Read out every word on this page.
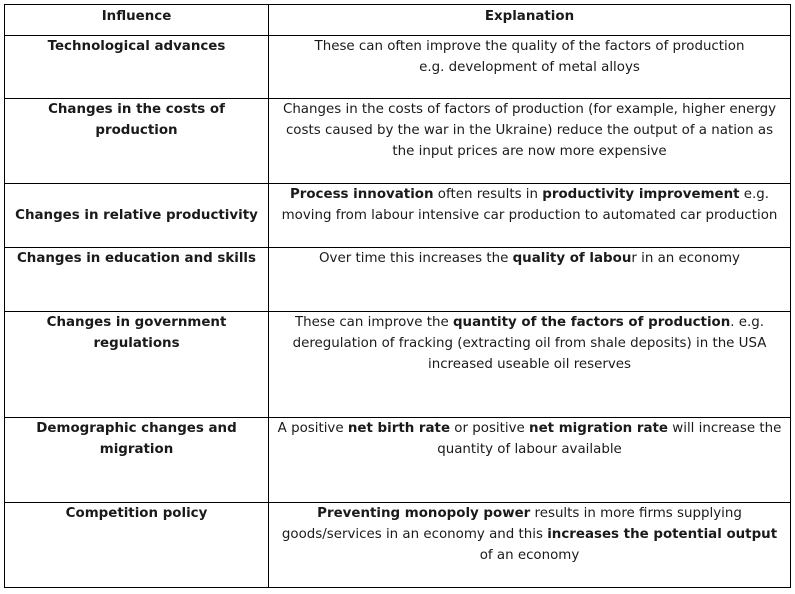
Influence	Explanation
Technological advances	These can often improve the quality of the factors of production
e.g. development of metal alloys
Changes in the costs of production	Changes in the costs of factors of production (for example, higher energy costs caused by the war in the Ukraine) reduce the output of a nation as the input prices are now more expensive
Changes in relative productivity	Process innovation often results in productivity improvement e.g. moving from labour intensive car production to automated car production
Changes in education and skills	Over time this increases the quality of labour in an economy
Changes in government regulations	These can improve the quantity of the factors of production. e.g. deregulation of fracking (extracting oil from shale deposits) in the USA increased useable oil reserves
Demographic changes and migration	A positive net birth rate or positive net migration rate will increase the quantity of labour available
Competition policy	Preventing monopoly power results in more firms supplying goods/services in an economy and this increases the potential output of an economy
